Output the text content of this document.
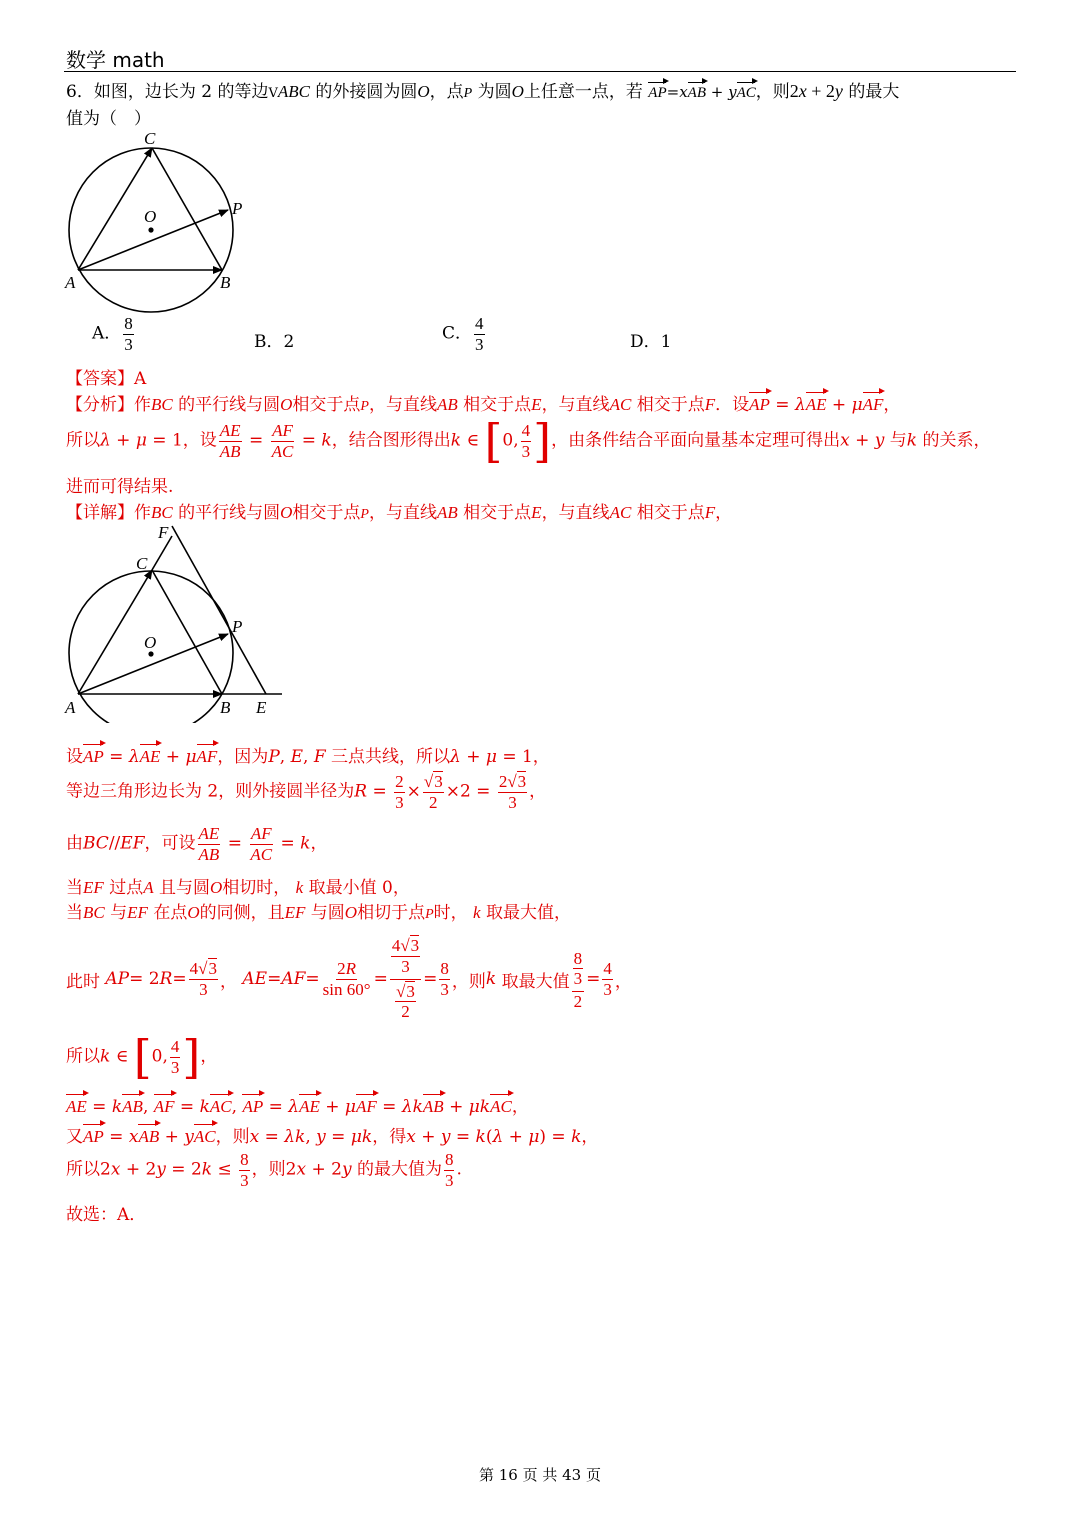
数学 math
6．如图，边长为 2 的等边VABC 的外接圆为圆O，点P 为圆O上任意一点，若 AP=xAB + yAC，则2x + 2y 的最大
值为（　）
C
O	P
A	B
A． $\frac{8}{3}$	B．2	C． $\frac{4}{3}$	D．1
【答案】A
【分析】作BC 的平行线与圆O相交于点P，与直线AB 相交于点E，与直线AC 相交于点F．设AP = λAE + μAF，
所以λ + μ = 1，设 $\frac{AE}{AB} = \frac{AF}{AC} = k$，结合图形得出k ∈ [0, $\frac{4}{3}$ ]，由条件结合平面向量基本定理可得出x + y 与k 的关系，
进而可得结果.
【详解】作BC 的平行线与圆O相交于点P，与直线AB 相交于点E，与直线AC 相交于点F，
F
C
O
P
A	B E
设AP = λAE + μAF，因为P, E, F 三点共线，所以λ + μ = 1，
等边三角形边长为 2，则外接圆半径为$R = \frac{2}{3} \times \frac{√3}{2} \times 2 = \frac{2√3}{3}$ ，
由BC//EF，可设 $\frac{AE}{AB} = \frac{AF}{AC} = k$，
当EF 过点A 且与圆O相切时， k 取最小值 0，
当BC 与EF 在点O的同侧，且EF 与圆O相切于点P时， k 取最大值，
此时
AP = 2 $R = \frac{4√3}{3}$ ， AE = AF = $\frac{2R}{\sin 60^\circ} = \frac{\frac{4√3}{3}}{\frac{√3}{2}} = \frac{8}{3}$ ，则 k
取最大值 $\frac{\frac{8}{3}}{2} = \frac{4}{3}$ ，
所以k ∈ [0, $\frac{4}{3}$ ]，
AE = kAB, AF = kAC, AP = λAE + μAF = λkAB + μkAC，
又AP = xAB + yAC，则x = λk, y = μk，得x + y = k(λ + μ) = k，
所以$2x + 2y = 2k \le \frac{8}{3}$ ，则2x + 2y 的最大值为 $\frac{8}{3}$ .
故选：A．
第 16 页 共 43 页
